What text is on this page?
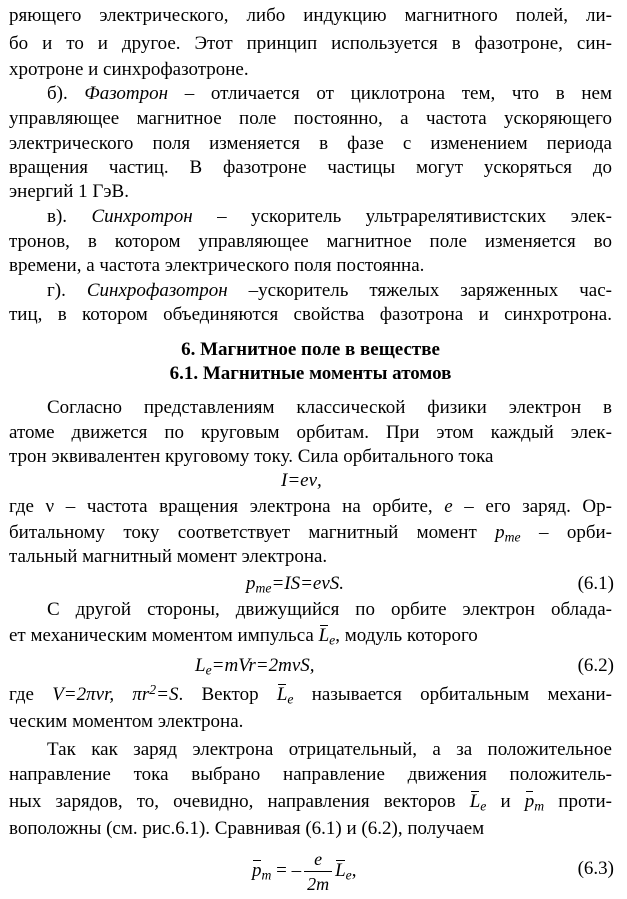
ряющего электрического, либо индукцию магнитного полей, ли-
бо и то и другое. Этот принцип используется в фазотроне, син-
хротроне и синхрофазотроне.
б). Фазотрон – отличается от циклотрона тем, что в нем
управляющее магнитное поле постоянно, а частота ускоряющего
электрического поля изменяется в фазе с изменением периода
вращения частиц. В фазотроне частицы могут ускоряться до
энергий 1 ГэВ.
в). Синхротрон – ускоритель ультрарелятивистских элек-
тронов, в котором управляющее магнитное поле изменяется во
времени, а частота электрического поля постоянна.
г). Синхрофазотрон –ускоритель тяжелых заряженных час-
тиц, в котором объединяются свойства фазотрона и синхротрона.
6. Магнитное поле в веществе
6.1. Магнитные моменты атомов
Согласно представлениям классической физики электрон в
атоме движется по круговым орбитам. При этом каждый элек-
трон эквивалентен круговому току. Сила орбитального тока
I=eν,
где ν – частота вращения электрона на орбите, e – его заряд. Ор-
битальному току соответствует магнитный момент $p_{me}$ – орби-
тальный магнитный момент электрона.
$p_{me}=IS=e\nu S$.	(6.1)
С другой стороны, движущийся по орбите электрон облада-
ет механическим моментом импульса $L_e$, модуль которого
$L_e=mVr=2m\nu S$,	(6.2)
где V=2πνr, $\pi r^2=S$. Вектор $L_e$ называется орбитальным механи-
ческим моментом электрона.
Так как заряд электрона отрицательный, а за положительное
направление тока выбрано направление движения положитель-
ных зарядов, то, очевидно, направления векторов $L_e$ и $p_m$ проти-
воположны (см. рис.6.1). Сравнивая (6.1) и (6.2), получаем
$p_m$ = – $\frac{e}{2m} L_e$,	(6.3)
